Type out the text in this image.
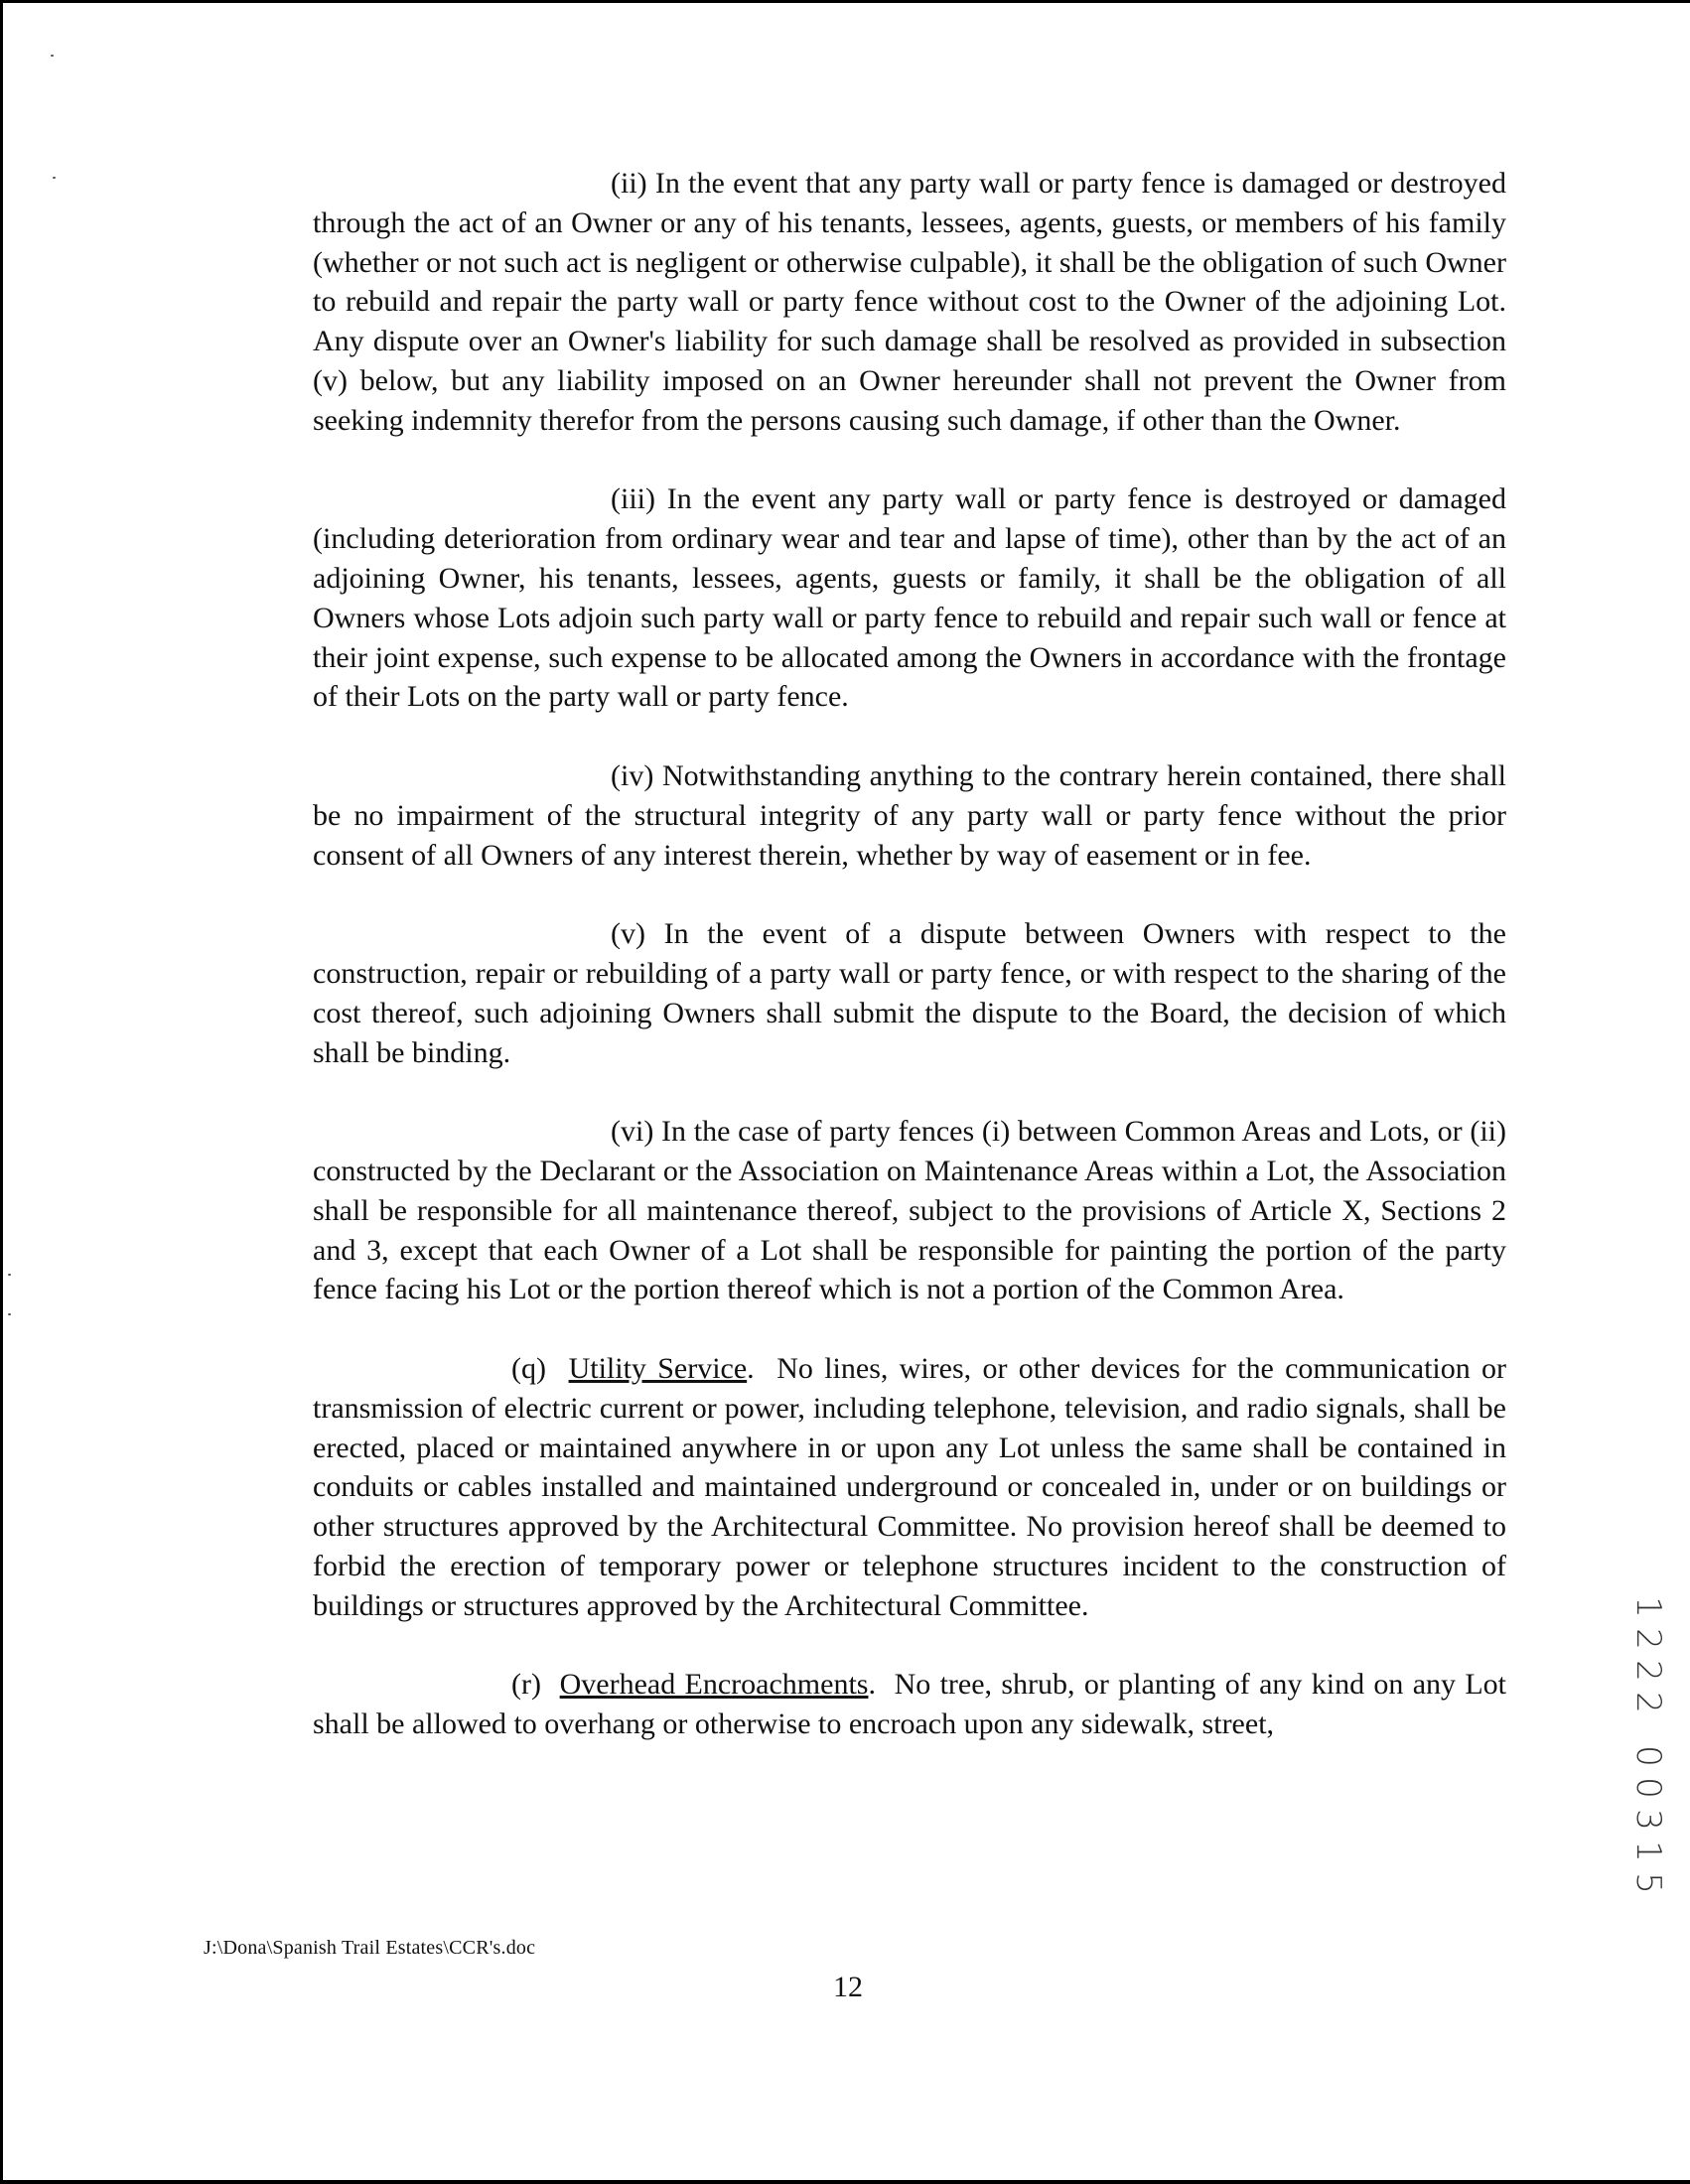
(ii) In the event that any party wall or party fence is damaged or destroyed through the act of an Owner or any of his tenants, lessees, agents, guests, or members of his family (whether or not such act is negligent or otherwise culpable), it shall be the obligation of such Owner to rebuild and repair the party wall or party fence without cost to the Owner of the adjoining Lot. Any dispute over an Owner's liability for such damage shall be resolved as provided in subsection (v) below, but any liability imposed on an Owner hereunder shall not prevent the Owner from seeking indemnity therefor from the persons causing such damage, if other than the Owner.

(iii) In the event any party wall or party fence is destroyed or damaged (including deterioration from ordinary wear and tear and lapse of time), other than by the act of an adjoining Owner, his tenants, lessees, agents, guests or family, it shall be the obligation of all Owners whose Lots adjoin such party wall or party fence to rebuild and repair such wall or fence at their joint expense, such expense to be allocated among the Owners in accordance with the frontage of their Lots on the party wall or party fence.

(iv) Notwithstanding anything to the contrary herein contained, there shall be no impairment of the structural integrity of any party wall or party fence without the prior consent of all Owners of any interest therein, whether by way of easement or in fee.

(v) In the event of a dispute between Owners with respect to the construction, repair or rebuilding of a party wall or party fence, or with respect to the sharing of the cost thereof, such adjoining Owners shall submit the dispute to the Board, the decision of which shall be binding.

(vi) In the case of party fences (i) between Common Areas and Lots, or (ii) constructed by the Declarant or the Association on Maintenance Areas within a Lot, the Association shall be responsible for all maintenance thereof, subject to the provisions of Article X, Sections 2 and 3, except that each Owner of a Lot shall be responsible for painting the portion of the party fence facing his Lot or the portion thereof which is not a portion of the Common Area.

(q) Utility Service.  No lines, wires, or other devices for the communication or transmission of electric current or power, including telephone, television, and radio signals, shall be erected, placed or maintained anywhere in or upon any Lot unless the same shall be contained in conduits or cables installed and maintained underground or concealed in, under or on buildings or other structures approved by the Architectural Committee. No provision hereof shall be deemed to forbid the erection of temporary power or telephone structures incident to the construction of buildings or structures approved by the Architectural Committee.

(r) Overhead Encroachments.  No tree, shrub, or planting of any kind on any Lot shall be allowed to overhang or otherwise to encroach upon any sidewalk, street,

J:\Dona\Spanish Trail Estates\CCR's.doc
12
1
2
2
2
0
0
3
1
5
